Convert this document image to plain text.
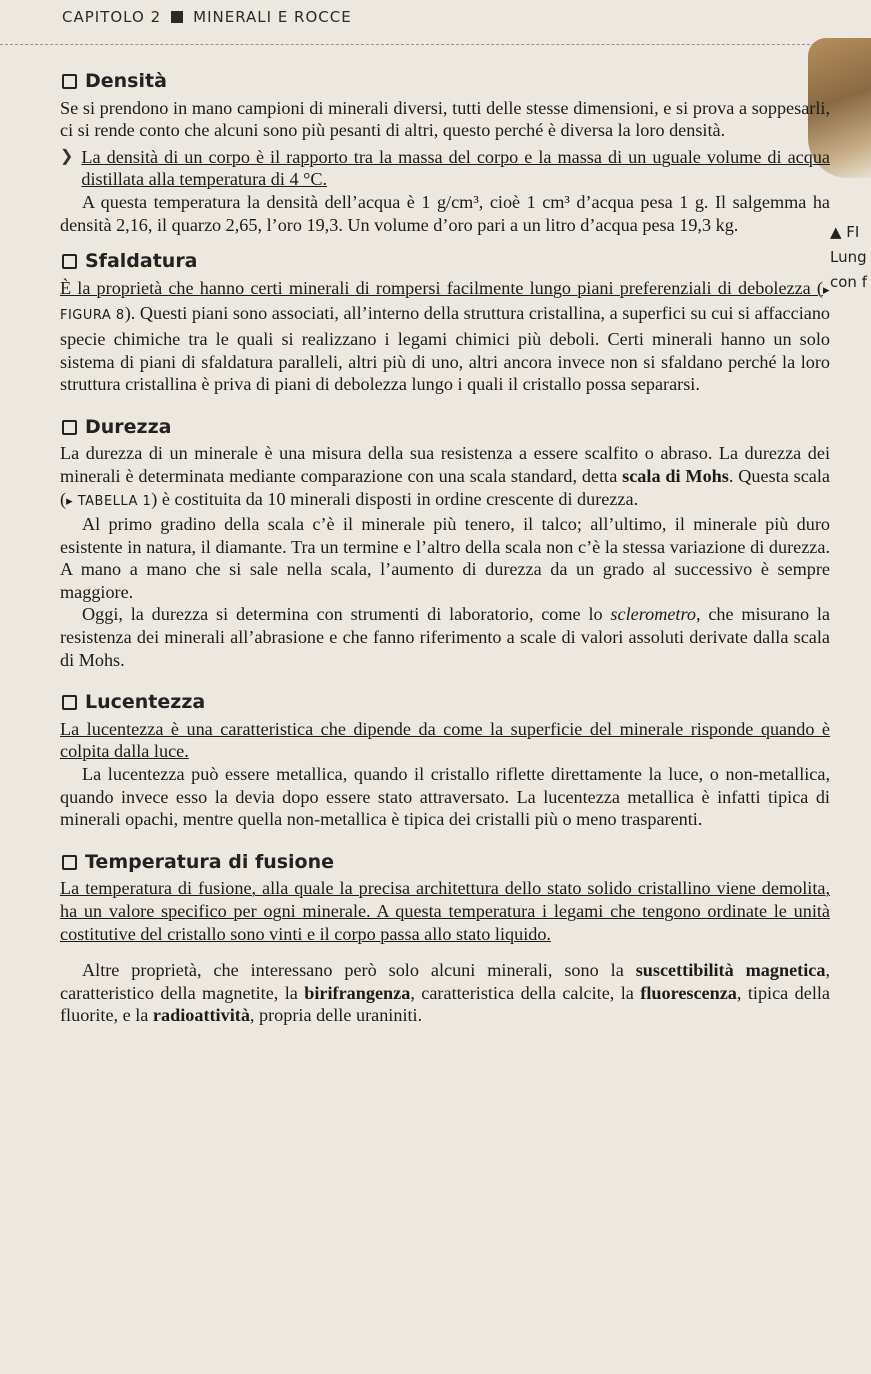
CAPITOLO 2 MINERALI E ROCCE
▲ FI
Lung
con f
Densità

Se si prendono in mano campioni di minerali diversi, tutti delle stesse dimensioni, e si prova a soppesarli, ci si rende conto che alcuni sono più pesanti di altri, questo perché è diversa la loro densità.

❯ La densità di un corpo è il rapporto tra la massa del corpo e la massa di un uguale volume di acqua distillata alla temperatura di 4 °C.

A questa temperatura la densità dell’acqua è 1 g/cm³, cioè 1 cm³ d’acqua pesa 1 g. Il salgemma ha densità 2,16, il quarzo 2,65, l’oro 19,3. Un volume d’oro pari a un litro d’acqua pesa 19,3 kg.

Sfaldatura

È la proprietà che hanno certi minerali di rompersi facilmente lungo piani preferenziali di debolezza (▸ FIGURA 8). Questi piani sono associati, all’interno della struttura cristallina, a superfici su cui si affacciano specie chimiche tra le quali si realizzano i legami chimici più deboli. Certi minerali hanno un solo sistema di piani di sfaldatura paralleli, altri più di uno, altri ancora invece non si sfaldano perché la loro struttura cristallina è priva di piani di debolezza lungo i quali il cristallo possa separarsi.

Durezza

La durezza di un minerale è una misura della sua resistenza a essere scalfito o abraso. La durezza dei minerali è determinata mediante comparazione con una scala standard, detta scala di Mohs. Questa scala (▸ TABELLA 1) è costituita da 10 minerali disposti in ordine crescente di durezza.

Al primo gradino della scala c’è il minerale più tenero, il talco; all’ultimo, il minerale più duro esistente in natura, il diamante. Tra un termine e l’altro della scala non c’è la stessa variazione di durezza. A mano a mano che si sale nella scala, l’aumento di durezza da un grado al successivo è sempre maggiore.

Oggi, la durezza si determina con strumenti di laboratorio, come lo sclerometro, che misurano la resistenza dei minerali all’abrasione e che fanno riferimento a scale di valori assoluti derivate dalla scala di Mohs.

Lucentezza

La lucentezza è una caratteristica che dipende da come la superficie del minerale risponde quando è colpita dalla luce.

La lucentezza può essere metallica, quando il cristallo riflette direttamente la luce, o non-metallica, quando invece esso la devia dopo essere stato attraversato. La lucentezza metallica è infatti tipica di minerali opachi, mentre quella non-metallica è tipica dei cristalli più o meno trasparenti.

Temperatura di fusione

La temperatura di fusione, alla quale la precisa architettura dello stato solido cristallino viene demolita, ha un valore specifico per ogni minerale. A questa temperatura i legami che tengono ordinate le unità costitutive del cristallo sono vinti e il corpo passa allo stato liquido.

Altre proprietà, che interessano però solo alcuni minerali, sono la suscettibilità magnetica, caratteristico della magnetite, la birifrangenza, caratteristica della calcite, la fluorescenza, tipica della fluorite, e la radioattività, propria delle uraniniti.
